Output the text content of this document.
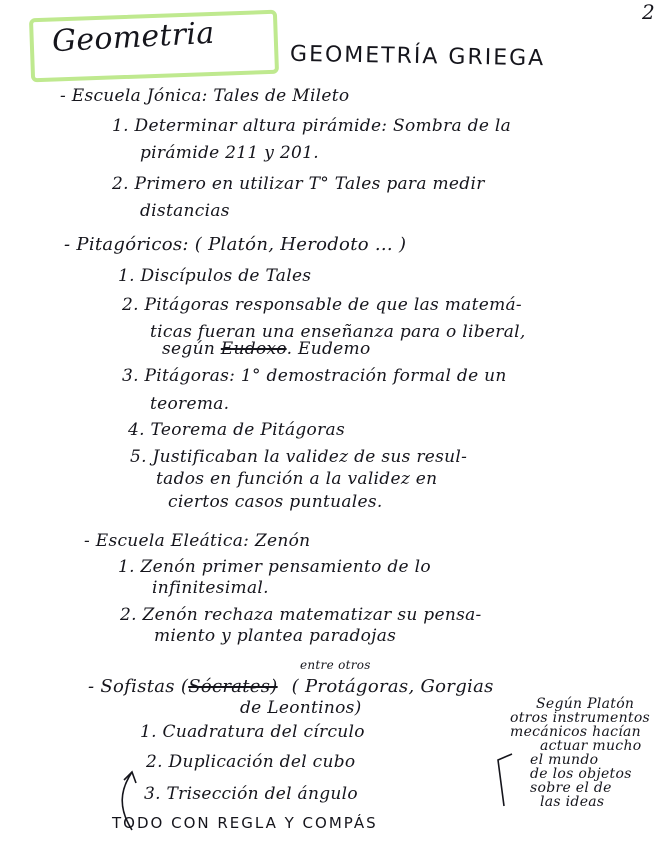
2
Geometria	GEOMETRÍA GRIEGA
- Escuela Jónica: Tales de Mileto
1. Determinar altura pirámide: Sombra de la
pirámide 211 y 201.
2. Primero en utilizar T° Tales para medir
distancias
- Pitagóricos: ( Platón, Herodoto ... )
1. Discípulos de Tales
2. Pitágoras responsable de que las matemá-
ticas fueran una enseñanza para o liberal,
según Eudoxo. Eudemo
3. Pitágoras: 1° demostración formal de un
teorema.
4. Teorema de Pitágoras
5. Justificaban la validez de sus resul-
tados en función a la validez en
ciertos casos puntuales.
- Escuela Eleática: Zenón
1. Zenón primer pensamiento de lo
infinitesimal.
2. Zenón rechaza matematizar su pensa-
miento y plantea paradojas
entre otros
- Sofistas (Sócrates) ( Protágoras, Gorgias
de Leontinos)
1. Cuadratura del círculo
2. Duplicación del cubo
3. Trisección del ángulo
TODO CON REGLA Y COMPÁS
Según Platón
otros instrumentos
mecánicos hacían
actuar mucho
el mundo
de los objetos
sobre el de
las ideas
